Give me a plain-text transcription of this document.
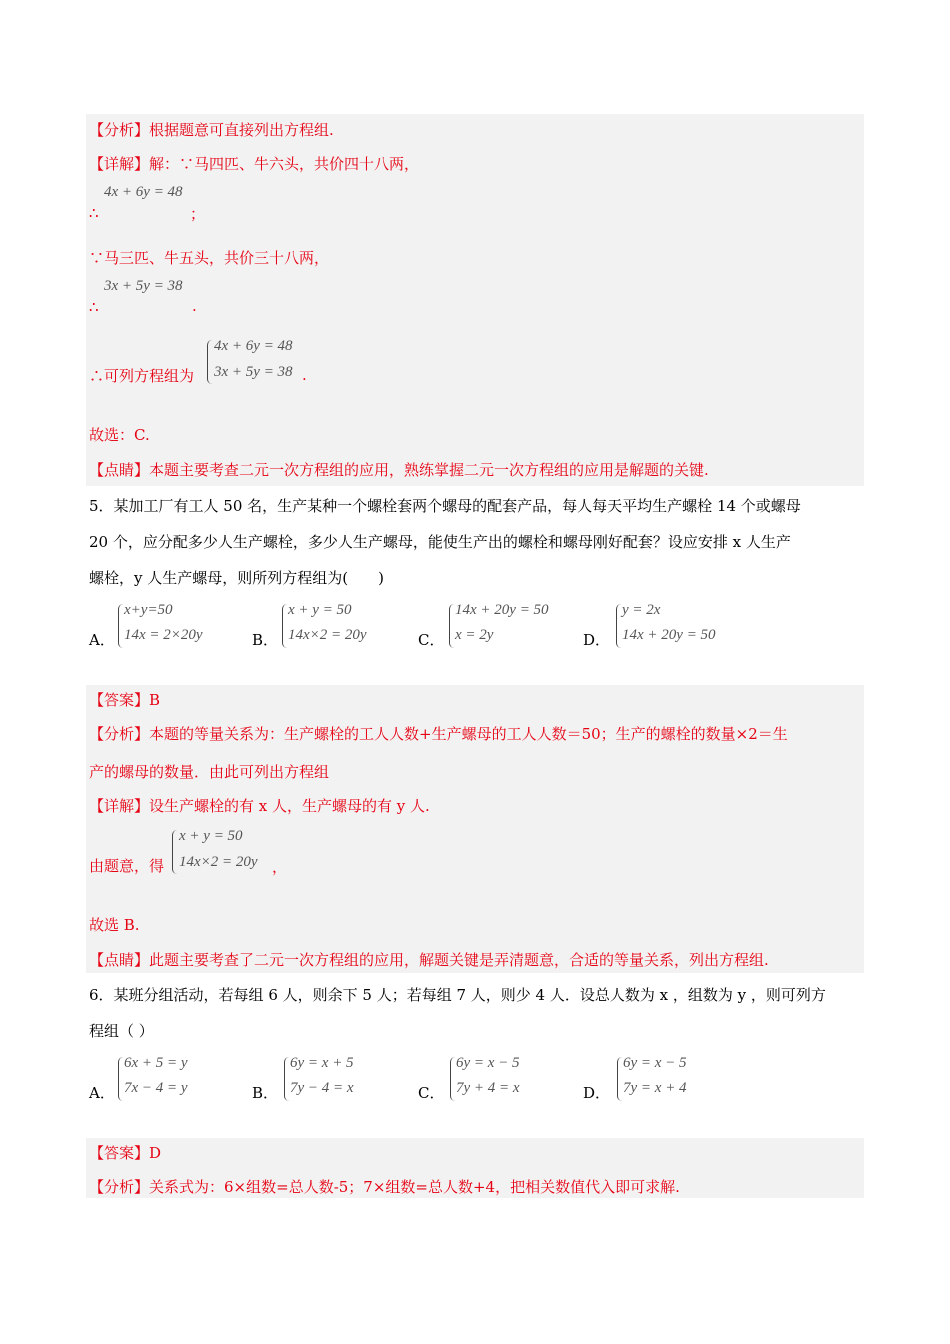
【分析】根据题意可直接列出方程组.
【详解】解：∵马四匹、牛六头，共价四十八两，
4x + 6y = 48
∴	；
∵马三匹、牛五头，共价三十八两，
3x + 5y = 38
∴	.
∴可列方程组为
4x + 6y = 48
3x + 5y = 38 .
故选：C.
【点睛】本题主要考查二元一次方程组的应用，熟练掌握二元一次方程组的应用是解题的关键.
5．某加工厂有工人 50 名，生产某种一个螺栓套两个螺母的配套产品，每人每天平均生产螺栓 14 个或螺母
20 个，应分配多少人生产螺栓，多少人生产螺母，能使生产出的螺栓和螺母刚好配套？设应安排 x 人生产
螺栓，y 人生产螺母，则所列方程组为(　　)
A．
x+y=50
14x = 2×20y	B．
x + y = 50
14x×2 = 20y	C．
14x + 20y = 50
x = 2y	D．
y = 2x
14x + 20y = 50
【答案】B
【分析】本题的等量关系为：生产螺栓的工人人数+生产螺母的工人人数＝50；生产的螺栓的数量×2＝生
产的螺母的数量．由此可列出方程组
【详解】设生产螺栓的有 x 人，生产螺母的有 y 人.
由题意，得
x + y = 50
14x×2 = 20y ，
故选 B.
【点睛】此题主要考查了二元一次方程组的应用，解题关键是弄清题意，合适的等量关系，列出方程组.
6．某班分组活动，若每组 6 人，则余下 5 人；若每组 7 人，则少 4 人．设总人数为 x ，组数为 y ，则可列方
程组（ ）
A．
6x + 5 = y
7x − 4 = y	B．
6y = x + 5
7y − 4 = x	C．
6y = x − 5
7y + 4 = x	D．
6y = x − 5
7y = x + 4
【答案】D
【分析】关系式为：6×组数=总人数-5；7×组数=总人数+4，把相关数值代入即可求解.
